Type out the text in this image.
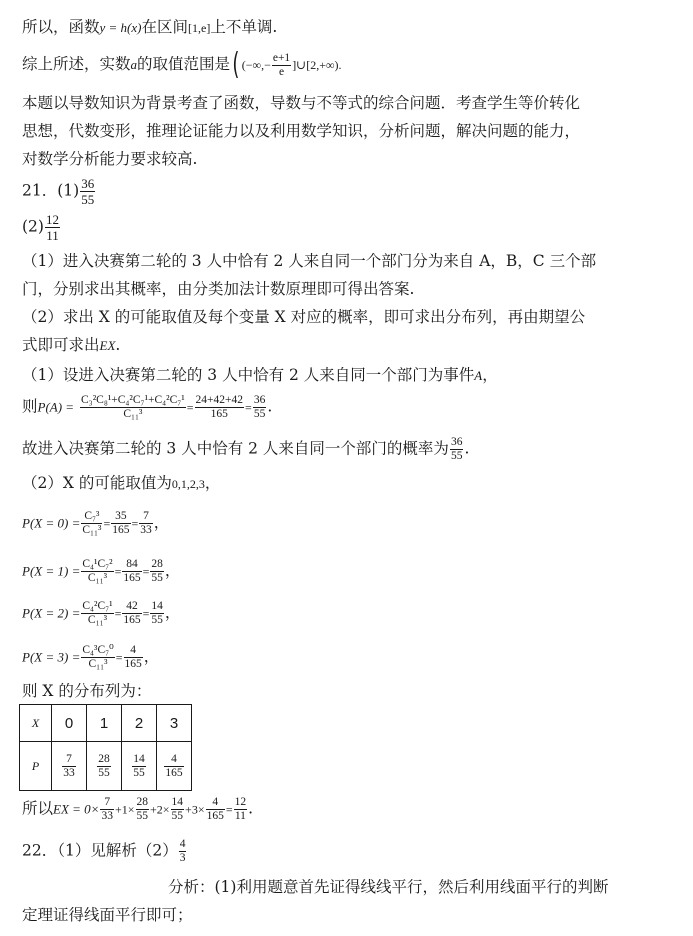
所以，函数y = h(x)在区间[1,e]上不单调.
综上所述，实数a的取值范围是( (−∞,− $\frac{e+1}{e}$ ]∪[2,+∞).
本题以导数知识为背景考查了函数，导数与不等式的综合问题．考查学生等价转化
思想，代数变形，推理论证能力以及利用数学知识，分析问题，解决问题的能力，
对数学分析能力要求较高.
21．$(1) \frac{36}{55}$
$(2) \frac{12}{11}$
（1）进入决赛第二轮的 3 人中恰有 2 人来自同一个部门分为来自 A，B，C 三个部
门，分别求出其概率，由分类加法计数原理即可得出答案.
（2）求出 X 的可能取值及每个变量 X 对应的概率，即可求出分布列，再由期望公
式即可求出EX.
（1）设进入决赛第二轮的 3 人中恰有 2 人来自同一个部门为事件A，
则$P(A) = \frac{\text{C₃²C₈¹+C₄²C₇¹+C₄²C₇¹}}{\text{C₁₁³}} = \frac{24+42+42}{165} = \frac{36}{55}$ .
故进入决赛第二轮的 3 人中恰有 2 人来自同一个部门的概率为 $\frac{36}{55}$ .
（2）X 的可能取值为0,1,2,3，
$P(X = 0) = \frac{\text{C₇³}}{\text{C₁₁³}} = \frac{35}{165} = \frac{7}{33}$ ，
$P(X = 1) = \frac{\text{C₄¹C₇²}}{\text{C₁₁³}} = \frac{84}{165} = \frac{28}{55}$ ，
$P(X = 2) = \frac{\text{C₄²C₇¹}}{\text{C₁₁³}} = \frac{42}{165} = \frac{14}{55}$ ，
$P(X = 3) = \frac{\text{C₄³C₇⁰}}{\text{C₁₁³}} = \frac{4}{165}$ ，
则 X 的分布列为：
X	0	1	2	3
P	$\frac{7}{33}$	$\frac{28}{55}$	$\frac{14}{55}$	$\frac{4}{165}$
所以EX = $0\times \frac{7}{33} +1\times \frac{28}{55} +2\times \frac{14}{55} +3\times \frac{4}{165} = \frac{12}{11}$ .
22．（1）见解析$(2) \frac{4}{3}$
分析：(1)利用题意首先证得线线平行，然后利用线面平行的判断
定理证得线面平行即可；
